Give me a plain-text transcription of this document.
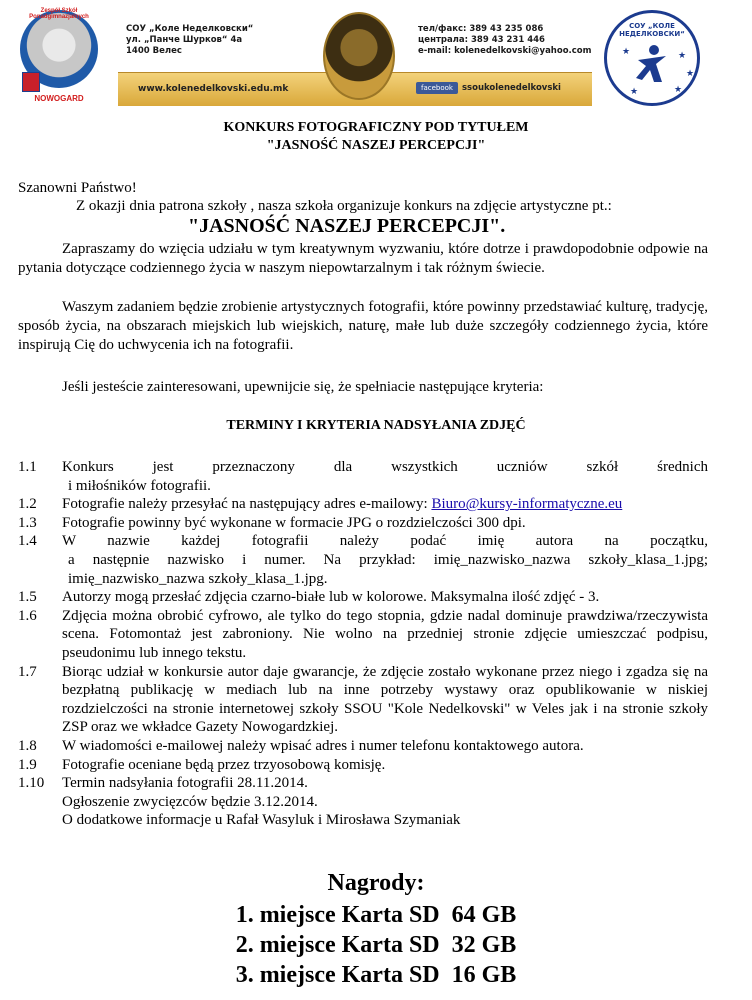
Zespół Szkół Ponadgimnazjalnych
NOWOGARD
СОУ „Коле Неделковски“
ул. „Панче Шурков“ 4а
1400 Велес
тел/факс: 389 43 235 086
централа: 389 43 231 446
e-mail: kolenedelkovski@yahoo.com
www.kolenedelkovski.edu.mk	facebook	ssoukolenedelkovski
СОУ „КОЛЕ НЕДЕЛКОВСКИ“
★	★
★	★
★
KONKURS FOTOGRAFICZNY POD TYTUŁEM
"JASNOŚĆ NASZEJ PERCEPCJI"
Szanowni Państwo!
Z okazji dnia patrona szkoły , nasza szkoła organizuje konkurs na zdjęcie artystyczne pt.:
"JASNOŚĆ NASZEJ PERCEPCJI".
Zapraszamy do wzięcia udziału w tym kreatywnym wyzwaniu, które dotrze i prawdopodobnie odpowie na pytania dotyczące codziennego życia w naszym niepowtarzalnym i tak różnym świecie.
Waszym zadaniem będzie zrobienie artystycznych fotografii, które powinny przedstawiać kulturę, tradycję, sposób życia, na obszarach miejskich lub wiejskich, naturę, małe lub duże szczegóły codziennego życia, które inspirują Cię do uchwycenia ich na fotografii.
Jeśli jesteście zainteresowani, upewnijcie się, że spełniacie następujące kryteria:
TERMINY I KRYTERIA NADSYŁANIA ZDJĘĆ
1.1	Konkurs jest przeznaczony dla wszystkich uczniów szkół średnich
i miłośników fotografii.
1.2	Fotografie należy przesyłać na następujący adres e-mailowy: Biuro@kursy-informatyczne.eu
1.3	Fotografie powinny być wykonane w formacie JPG o rozdzielczości 300 dpi.
1.4	W nazwie każdej fotografii należy podać imię autora na początku,
a następnie nazwisko i numer. Na przykład: imię_nazwisko_nazwa szkoły_klasa_1.jpg; imię_nazwisko_nazwa szkoły_klasa_1.jpg.
1.5	Autorzy mogą przesłać zdjęcia czarno-białe lub w kolorowe. Maksymalna ilość zdjęć - 3.
1.6	Zdjęcia można obrobić cyfrowo, ale tylko do tego stopnia, gdzie nadal dominuje prawdziwa/rzeczywista scena. Fotomontaż jest zabroniony. Nie wolno na przedniej stronie zdjęcie umieszczać podpisu, pseudonimu lub innego tekstu.
1.7	Biorąc udział w konkursie autor daje gwarancje, że zdjęcie zostało wykonane przez niego i zgadza się na bezpłatną publikację w mediach lub na inne potrzeby wystawy oraz opublikowanie w niskiej rozdzielczości na stronie internetowej szkoły SSOU "Kole Nedelkovski" w Veles jak i na stronie szkoły ZSP oraz we wkładce Gazety Nowogardzkiej.
1.8	W wiadomości e-mailowej należy wpisać adres i numer telefonu kontaktowego autora.
1.9	Fotografie oceniane będą przez trzyosobową komisję.
1.10	Termin nadsyłania fotografii 28.11.2014.
Ogłoszenie zwycięzców będzie 3.12.2014.
O dodatkowe informacje u Rafał Wasyluk i Mirosława Szymaniak
Nagrody:
1. miejsce Karta SD  64 GB
2. miejsce Karta SD  32 GB
3. miejsce Karta SD  16 GB
